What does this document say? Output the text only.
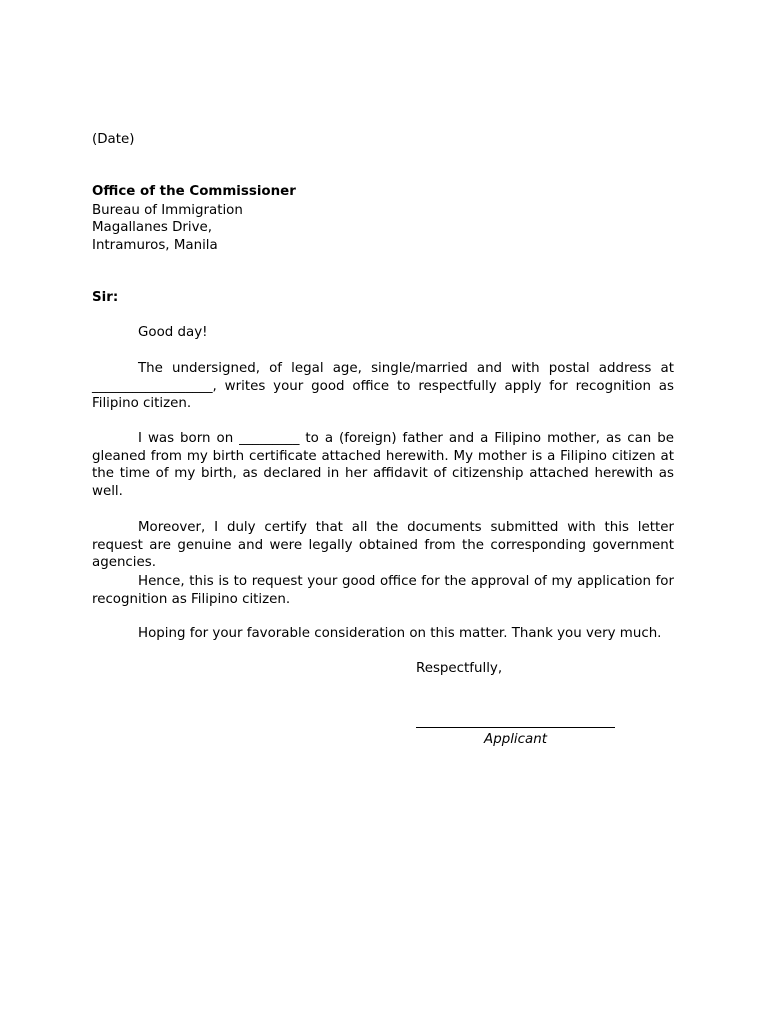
(Date)
Office of the Commissioner
Bureau of Immigration
Magallanes Drive,
Intramuros, Manila
Sir:
Good day!

The undersigned, of legal age, single/married and with postal address at __________________, writes your good office to respectfully apply for recognition as Filipino citizen.

I was born on _________ to a (foreign) father and a Filipino mother, as can be gleaned from my birth certificate attached herewith. My mother is a Filipino citizen at the time of my birth, as declared in her affidavit of citizenship attached herewith as well.

Moreover, I duly certify that all the documents submitted with this letter request are genuine and were legally obtained from the corresponding government agencies.

Hence, this is to request your good office for the approval of my application for recognition as Filipino citizen.

Hoping for your favorable consideration on this matter. Thank you very much.

Respectfully,
Applicant
